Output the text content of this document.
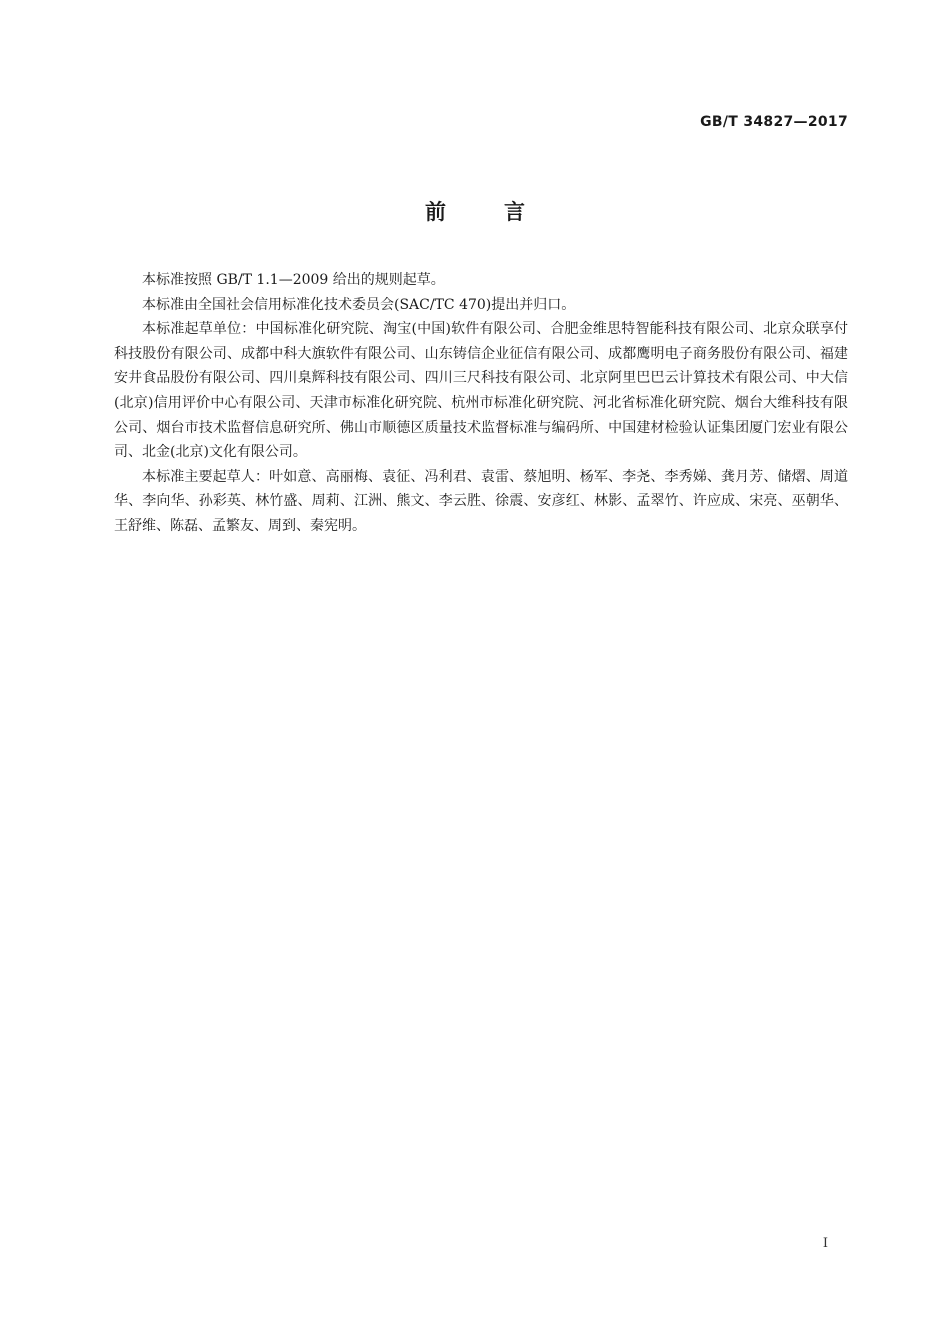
GB/T 34827—2017
前言

本标准按照 GB/T 1.1—2009 给出的规则起草。

本标准由全国社会信用标准化技术委员会(SAC/TC 470)提出并归口。

本标准起草单位：中国标准化研究院、淘宝(中国)软件有限公司、合肥金维思特智能科技有限公司、北京众联享付科技股份有限公司、成都中科大旗软件有限公司、山东铸信企业征信有限公司、成都鹰明电子商务股份有限公司、福建安井食品股份有限公司、四川臬辉科技有限公司、四川三尺科技有限公司、北京阿里巴巴云计算技术有限公司、中大信(北京)信用评价中心有限公司、天津市标准化研究院、杭州市标准化研究院、河北省标准化研究院、烟台大维科技有限公司、烟台市技术监督信息研究所、佛山市顺德区质量技术监督标准与编码所、中国建材检验认证集团厦门宏业有限公司、北金(北京)文化有限公司。

本标准主要起草人：叶如意、高丽梅、袁征、冯利君、袁雷、蔡旭明、杨军、李尧、李秀娣、龚月芳、储熠、周道华、李向华、孙彩英、林竹盛、周莉、江洲、熊文、李云胜、徐震、安彦红、林影、孟翠竹、许应成、宋亮、巫朝华、王舒维、陈磊、孟繁友、周到、秦宪明。

I
